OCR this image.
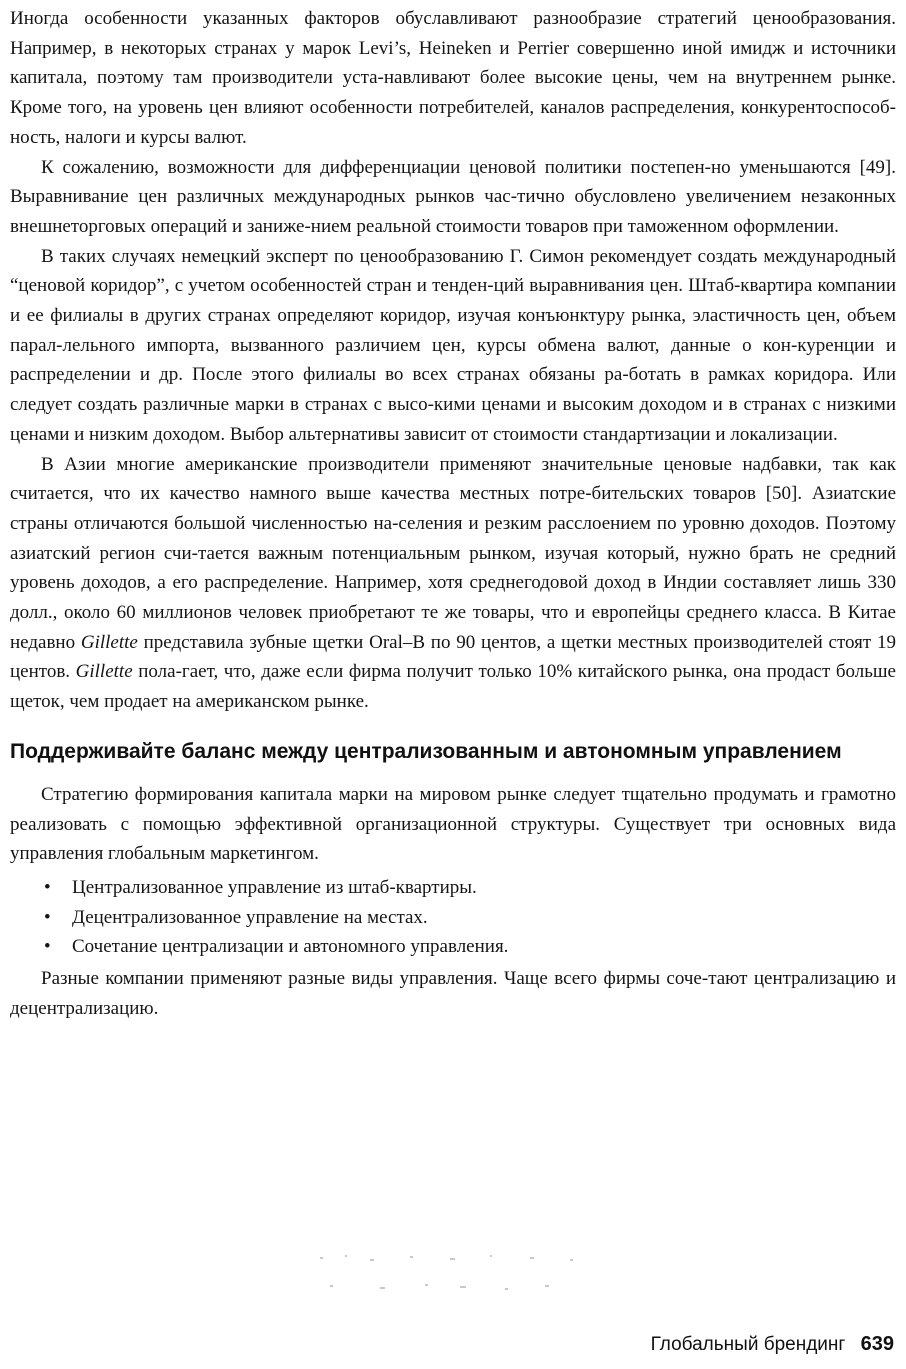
Иногда особенности указанных факторов обуславливают разнообразие стратегий ценообразования. Например, в некоторых странах у марок Levi’s, Heineken и Perrier совершенно иной имидж и источники капитала, поэтому там производители уста-навливают более высокие цены, чем на внутреннем рынке. Кроме того, на уровень цен влияют особенности потребителей, каналов распределения, конкурентоспособ-ность, налоги и курсы валют.

К сожалению, возможности для дифференциации ценовой политики постепен-но уменьшаются [49]. Выравнивание цен различных международных рынков час-тично обусловлено увеличением незаконных внешнеторговых операций и заниже-нием реальной стоимости товаров при таможенном оформлении.

В таких случаях немецкий эксперт по ценообразованию Г. Симон рекомендует создать международный “ценовой коридор”, с учетом особенностей стран и тенден-ций выравнивания цен. Штаб-квартира компании и ее филиалы в других странах определяют коридор, изучая конъюнктуру рынка, эластичность цен, объем парал-лельного импорта, вызванного различием цен, курсы обмена валют, данные о кон-куренции и распределении и др. После этого филиалы во всех странах обязаны ра-ботать в рамках коридора. Или следует создать различные марки в странах с высо-кими ценами и высоким доходом и в странах с низкими ценами и низким доходом. Выбор альтернативы зависит от стоимости стандартизации и локализации.

В Азии многие американские производители применяют значительные ценовые надбавки, так как считается, что их качество намного выше качества местных потре-бительских товаров [50]. Азиатские страны отличаются большой численностью на-селения и резким расслоением по уровню доходов. Поэтому азиатский регион счи-тается важным потенциальным рынком, изучая который, нужно брать не средний уровень доходов, а его распределение. Например, хотя среднегодовой доход в Индии составляет лишь 330 долл., около 60 миллионов человек приобретают те же товары, что и европейцы среднего класса. В Китае недавно Gillette представила зубные щетки Oral–B по 90 центов, а щетки местных производителей стоят 19 центов. Gillette пола-гает, что, даже если фирма получит только 10% китайского рынка, она продаст больше щеток, чем продает на американском рынке.

Поддерживайте баланс между централизованным и автономным управлением

Стратегию формирования капитала марки на мировом рынке следует тщательно продумать и грамотно реализовать с помощью эффективной организационной структуры. Существует три основных вида управления глобальным маркетингом.

• Централизованное управление из штаб-квартиры.
• Децентрализованное управление на местах.
• Сочетание централизации и автономного управления.

Разные компании применяют разные виды управления. Чаще всего фирмы соче-тают централизацию и децентрализацию.

Глобальный брендинг 639
